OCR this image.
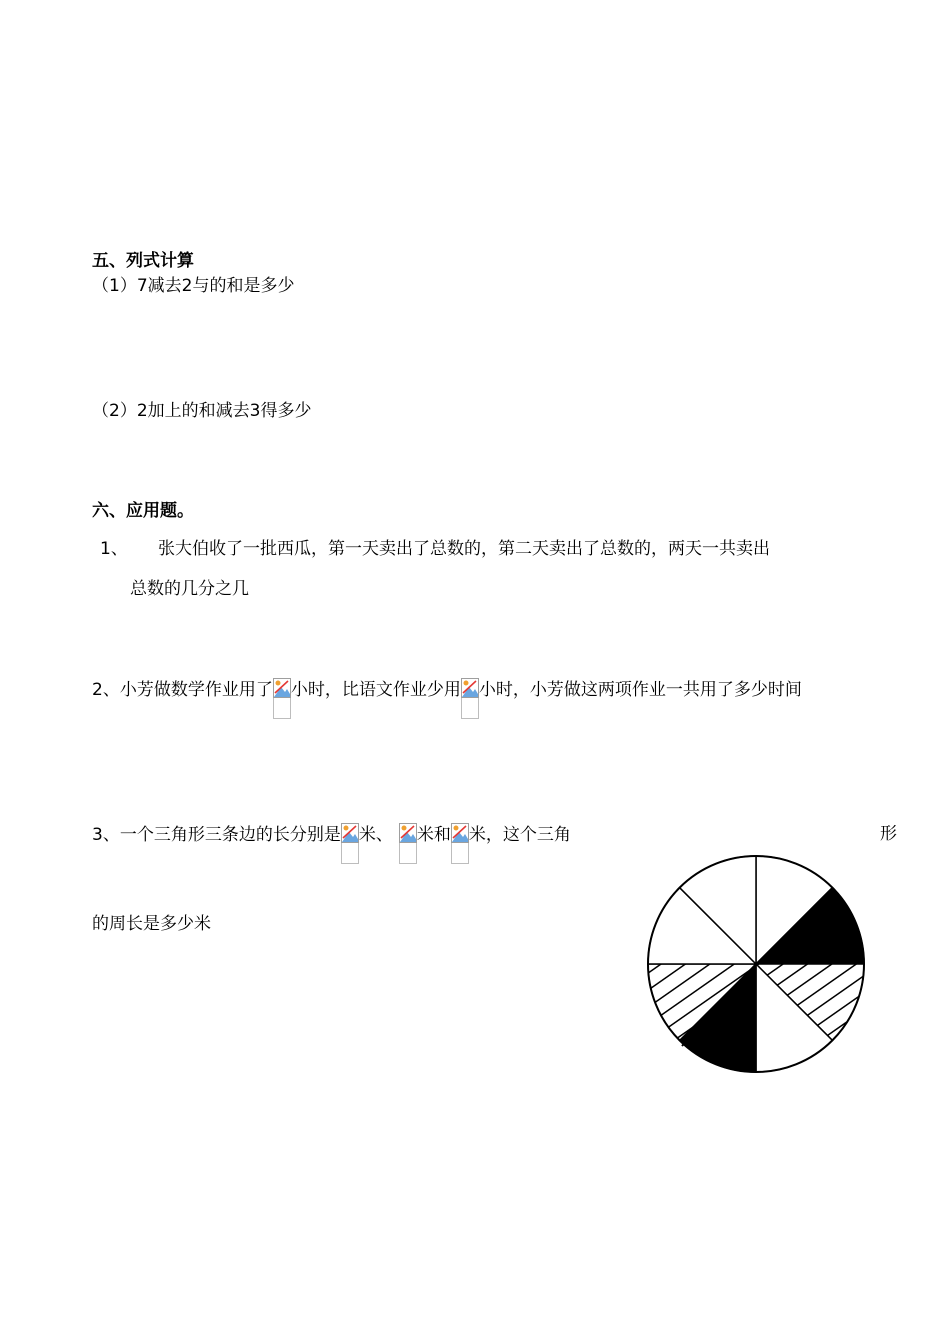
五、列式计算
（1）7减去2与的和是多少
（2）2加上的和减去3得多少
六、应用题。
1、 张大伯收了一批西瓜，第一天卖出了总数的，第二天卖出了总数的，两天一共卖出
总数的几分之几
2、小芳做数学作业用了 小时，比语文作业少用 小时，小芳做这两项作业一共用了多少时间
3、一个三角形三条边的长分别是 米、 米和 米，这个三角	形
的周长是多少米
